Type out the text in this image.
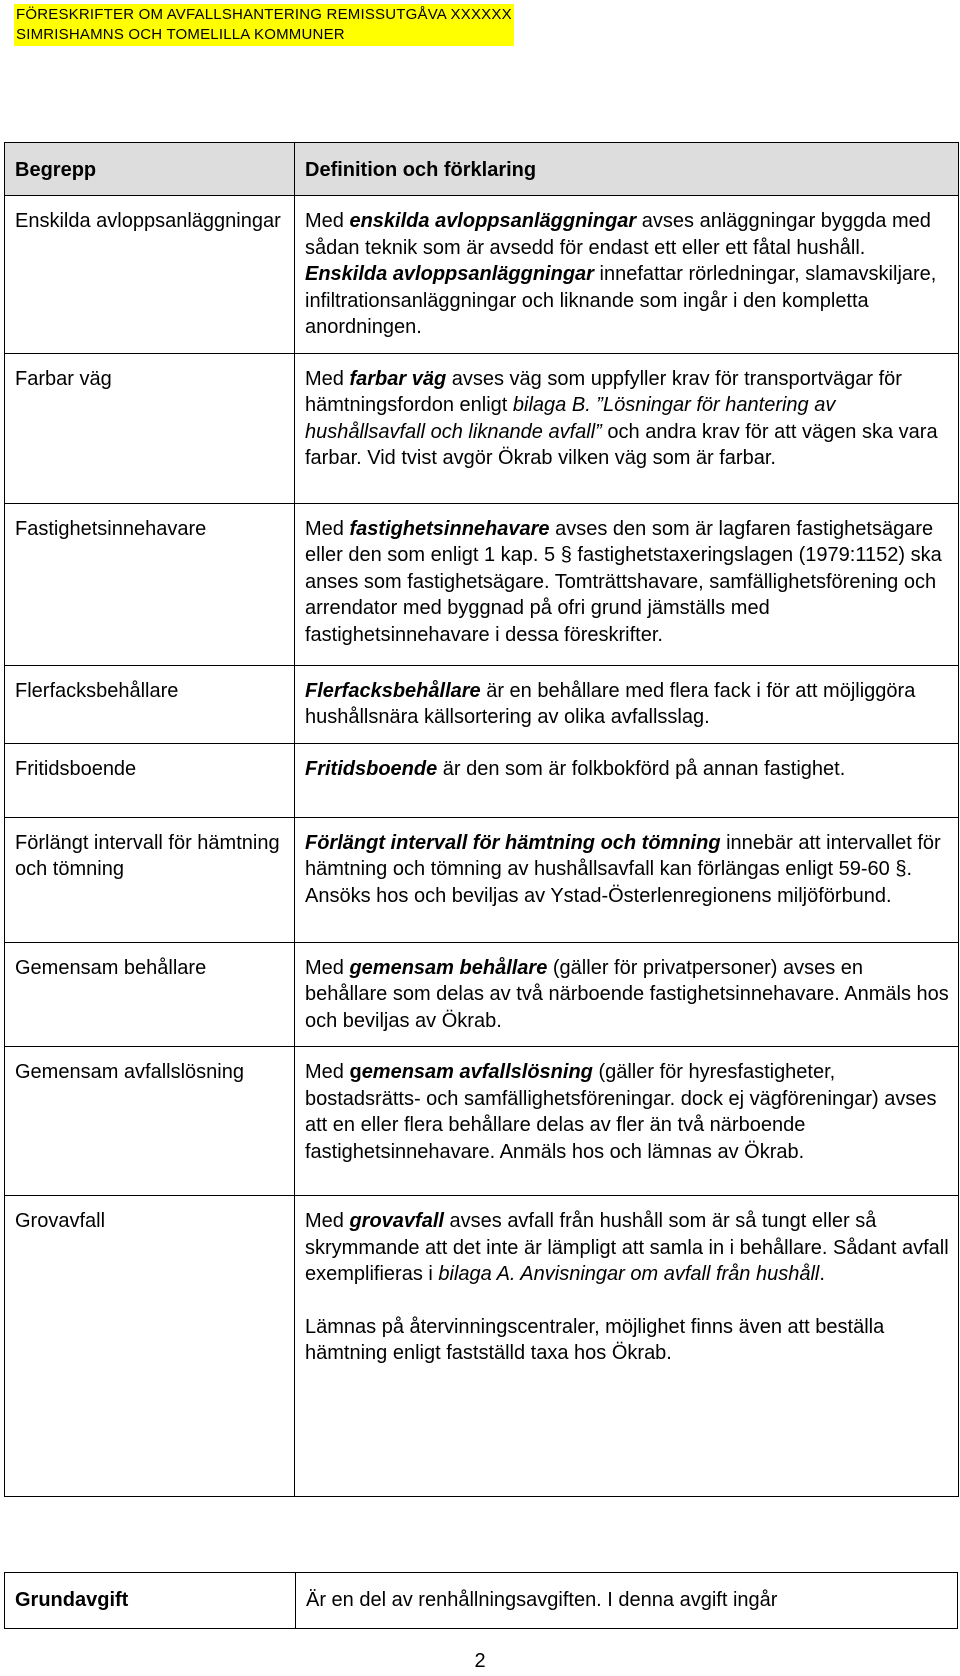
FÖRESKRIFTER OM AVFALLSHANTERING REMISSUTGÅVA XXXXXX
SIMRISHAMNS OCH TOMELILLA KOMMUNER
Begrepp	Definition och förklaring
Enskilda avloppsanläggningar	Med enskilda avloppsanläggningar avses anläggningar byggda med sådan teknik som är avsedd för endast ett eller ett fåtal hushåll. Enskilda avloppsanläggningar innefattar rörledningar, slamavskiljare, infiltrationsanläggningar och liknande som ingår i den kompletta anordningen.

Farbar väg	Med farbar väg avses väg som uppfyller krav för transportvägar för hämtningsfordon enligt bilaga B. ”Lösningar för hantering av hushållsavfall och liknande avfall” och andra krav för att vägen ska vara farbar. Vid tvist avgör Ökrab vilken väg som är farbar.

Fastighetsinnehavare	Med fastighetsinnehavare avses den som är lagfaren fastighetsägare eller den som enligt 1 kap. 5 § fastighetstaxeringslagen (1979:1152) ska anses som fastighetsägare. Tomträttshavare, samfällighetsförening och arrendator med byggnad på ofri grund jämställs med fastighetsinnehavare i dessa föreskrifter.

Flerfacksbehållare	Flerfacksbehållare är en behållare med flera fack i för att möjliggöra hushållsnära källsortering av olika avfallsslag.

Fritidsboende	Fritidsboende är den som är folkbokförd på annan fastighet.

Förlängt intervall för hämtning och tömning	Förlängt intervall för hämtning och tömning innebär att intervallet för hämtning och tömning av hushållsavfall kan förlängas enligt 59-60 §. Ansöks hos och beviljas av Ystad-Österlenregionens miljöförbund.

Gemensam behållare	Med gemensam behållare (gäller för privatpersoner) avses en behållare som delas av två närboende fastighetsinnehavare. Anmäls hos och beviljas av Ökrab.

Gemensam avfallslösning	Med gemensam avfallslösning (gäller för hyresfastigheter, bostadsrätts- och samfällighetsföreningar. dock ej vägföreningar) avses att en eller flera behållare delas av fler än två närboende fastighetsinnehavare. Anmäls hos och lämnas av Ökrab.

Grovavfall	Med grovavfall avses avfall från hushåll som är så tungt eller så skrymmande att det inte är lämpligt att samla in i behållare. Sådant avfall exemplifieras i bilaga A. Anvisningar om avfall från hushåll.

Lämnas på återvinningscentraler, möjlighet finns även att beställa hämtning enligt fastställd taxa hos Ökrab.

Grundavgift	Är en del av renhållningsavgiften. I denna avgift ingår
2
